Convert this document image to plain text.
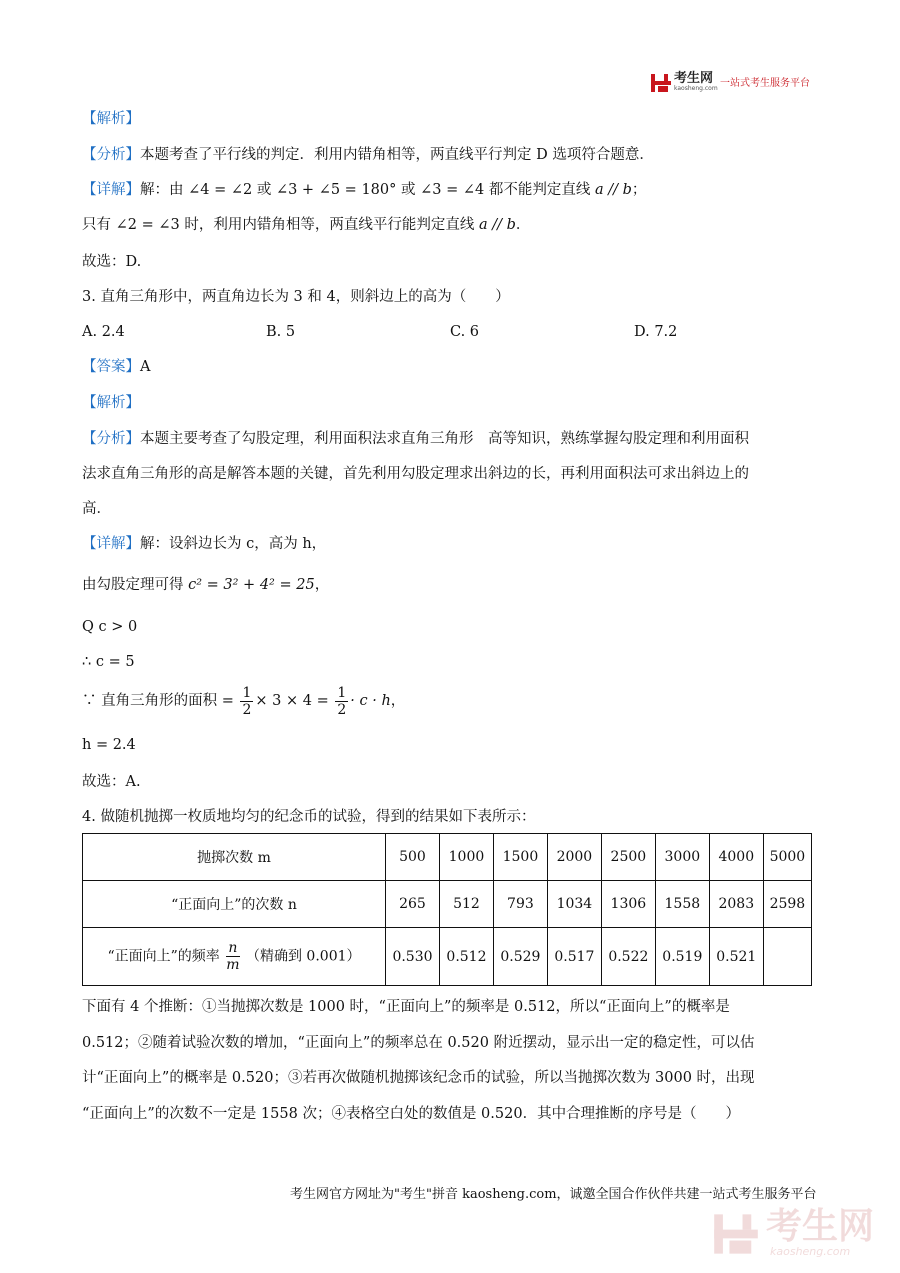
考生网
kaosheng.com 一站式考生服务平台
【解析】
【分析】本题考查了平行线的判定．利用内错角相等，两直线平行判定 D 选项符合题意．
【详解】解：由 ∠4 = ∠2 或 ∠3 + ∠5 = 180° 或 ∠3 = ∠4 都不能判定直线 a // b；
只有 ∠2 = ∠3 时，利用内错角相等，两直线平行能判定直线 a // b．
故选：D.
3. 直角三角形中，两直角边长为 3 和 4，则斜边上的高为（　　）
A. 2.4	B. 5	C. 6	D. 7.2
【答案】A
【解析】
【分析】本题主要考查了勾股定理，利用面积法求直角三角形　高等知识，熟练掌握勾股定理和利用面积
法求直角三角形的高是解答本题的关键，首先利用勾股定理求出斜边的长，再利用面积法可求出斜边上的
高．
【详解】解：设斜边长为 c，高为 h，
由勾股定理可得 c² = 3² + 4² = 25，
Q c > 0
∴ c = 5
∵ 直角三角形的面积 = $\frac{1}{2} \times 3 \times 4 = \frac{1}{2} \cdot c \cdot h$，
h = 2.4
故选：A.
4. 做随机抛掷一枚质地均匀的纪念币的试验，得到的结果如下表所示：
抛掷次数 m	500	1000	1500	2000	2500	3000	4000	5000
“正面向上”的次数 n	265	512	793	1034	1306	1558	2083	2598
“正面向上”的频率 $\frac{n}{m}$ （精确到 0.001）	0.530	0.512	0.529	0.517	0.522	0.519	0.521	
下面有 4 个推断：①当抛掷次数是 1000 时，“正面向上”的频率是 0.512，所以“正面向上”的概率是
0.512；②随着试验次数的增加，“正面向上”的频率总在 0.520 附近摆动，显示出一定的稳定性，可以估
计“正面向上”的概率是 0.520；③若再次做随机抛掷该纪念币的试验，所以当抛掷次数为 3000 时，出现
“正面向上”的次数不一定是 1558 次；④表格空白处的数值是 0.520．其中合理推断的序号是（　　）
考生网官方网址为"考生"拼音 kaosheng.com，诚邀全国合作伙伴共建一站式考生服务平台
考生网
kaosheng.com
